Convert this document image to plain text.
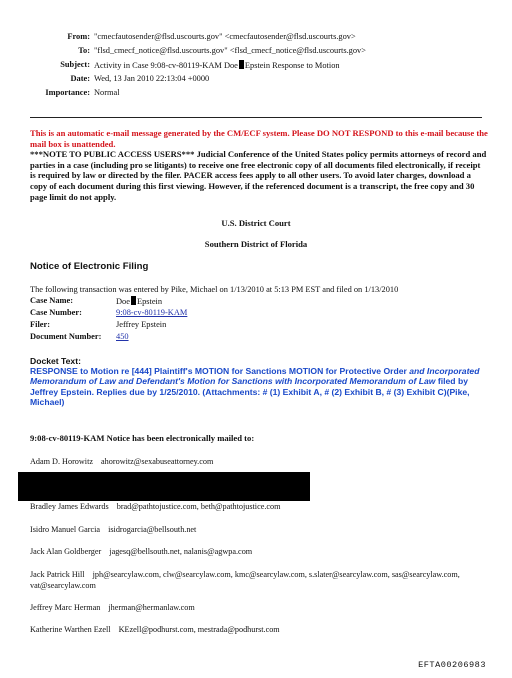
From: "cmecfautosender@flsd.uscourts.gov" <cmecfautosender@flsd.uscourts.gov>
To: "flsd_cmecf_notice@flsd.uscourts.gov" <flsd_cmecf_notice@flsd.uscourts.gov>
Subject: Activity in Case 9:08-cv-80119-KAM Doe Epstein Response to Motion
Date: Wed, 13 Jan 2010 22:13:04 +0000
Importance: Normal
This is an automatic e-mail message generated by the CM/ECF system. Please DO NOT RESPOND to this e-mail because the mail box is unattended.
***NOTE TO PUBLIC ACCESS USERS*** Judicial Conference of the United States policy permits attorneys of record and parties in a case (including pro se litigants) to receive one free electronic copy of all documents filed electronically, if receipt is required by law or directed by the filer. PACER access fees apply to all other users. To avoid later charges, download a copy of each document during this first viewing. However, if the referenced document is a transcript, the free copy and 30 page limit do not apply.
U.S. District Court
Southern District of Florida
Notice of Electronic Filing
The following transaction was entered by Pike, Michael on 1/13/2010 at 5:13 PM EST and filed on 1/13/2010
Case Name:	Doe Epstein
Case Number:	9:08-cv-80119-KAM
Filer:	Jeffrey Epstein
Document Number: 450
Docket Text:
RESPONSE to Motion re [444] Plaintiff's MOTION for Sanctions MOTION for Protective Order and Incorporated Memorandum of Law and Defendant's Motion for Sanctions with Incorporated Memorandum of Law filed by Jeffrey Epstein. Replies due by 1/25/2010. (Attachments: # (1) Exhibit A, # (2) Exhibit B, # (3) Exhibit C)(Pike, Michael)
9:08-cv-80119-KAM Notice has been electronically mailed to:
Adam D. Horowitz ahorowitz@sexabuseattorney.com
Bradley James Edwards brad@pathtojustice.com, beth@pathtojustice.com
Isidro Manuel Garcia isidrogarcia@bellsouth.net
Jack Alan Goldberger jagesq@bellsouth.net, nalanis@agwpa.com
Jack Patrick Hill jph@searcylaw.com, clw@searcylaw.com, kmc@searcylaw.com, s.slater@searcylaw.com, sas@searcylaw.com, vat@searcylaw.com
Jeffrey Marc Herman jherman@hermanlaw.com
Katherine Warthen Ezell KEzell@podhurst.com, mestrada@podhurst.com
EFTA00206983
